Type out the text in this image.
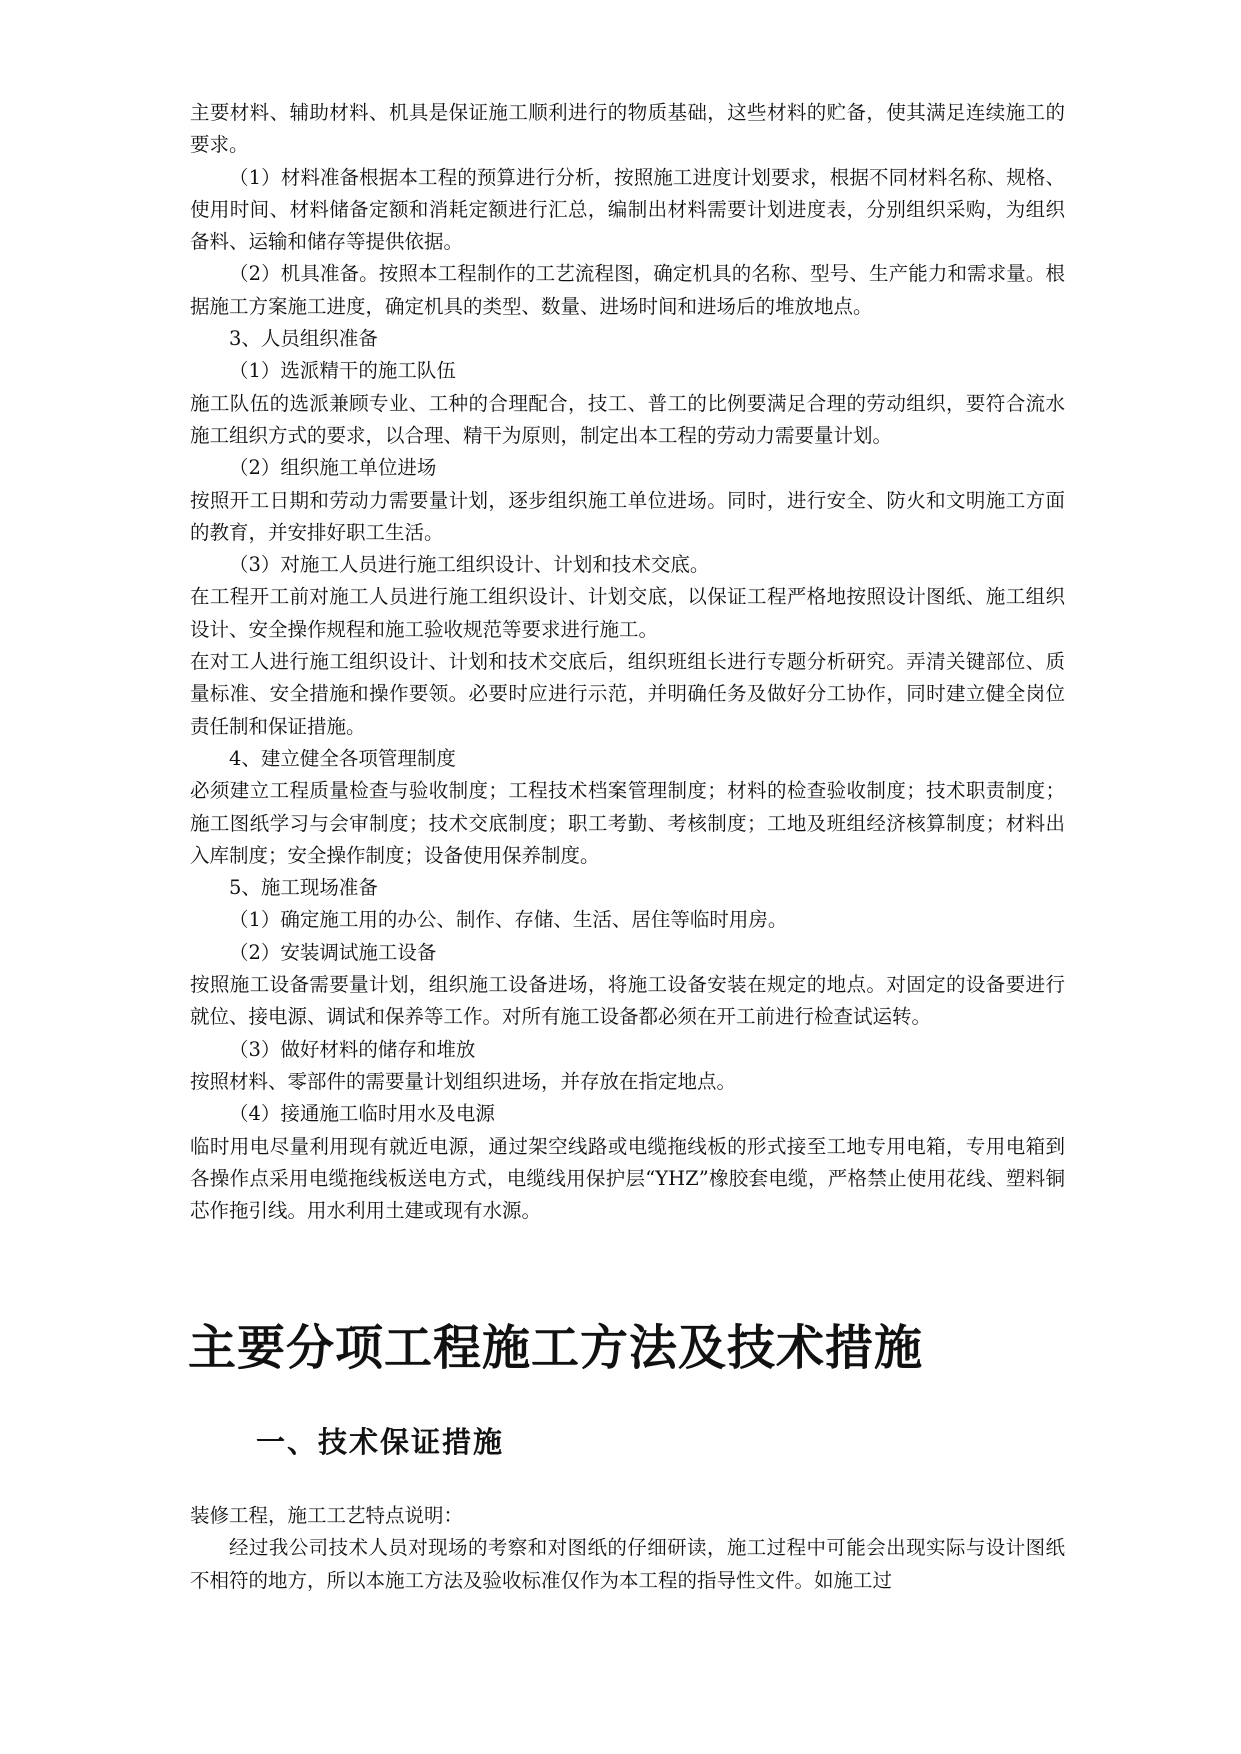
主要材料、辅助材料、机具是保证施工顺利进行的物质基础，这些材料的贮备，使其满足连续施工的要求。

（1）材料准备根据本工程的预算进行分析，按照施工进度计划要求，根据不同材料名称、规格、使用时间、材料储备定额和消耗定额进行汇总，编制出材料需要计划进度表，分别组织采购，为组织备料、运输和储存等提供依据。

（2）机具准备。按照本工程制作的工艺流程图，确定机具的名称、型号、生产能力和需求量。根据施工方案施工进度，确定机具的类型、数量、进场时间和进场后的堆放地点。

3、人员组织准备

（1）选派精干的施工队伍

施工队伍的选派兼顾专业、工种的合理配合，技工、普工的比例要满足合理的劳动组织，要符合流水施工组织方式的要求，以合理、精干为原则，制定出本工程的劳动力需要量计划。

（2）组织施工单位进场

按照开工日期和劳动力需要量计划，逐步组织施工单位进场。同时，进行安全、防火和文明施工方面的教育，并安排好职工生活。

（3）对施工人员进行施工组织设计、计划和技术交底。

在工程开工前对施工人员进行施工组织设计、计划交底，以保证工程严格地按照设计图纸、施工组织设计、安全操作规程和施工验收规范等要求进行施工。

在对工人进行施工组织设计、计划和技术交底后，组织班组长进行专题分析研究。弄清关键部位、质量标准、安全措施和操作要领。必要时应进行示范，并明确任务及做好分工协作，同时建立健全岗位责任制和保证措施。

4、建立健全各项管理制度

必须建立工程质量检查与验收制度；工程技术档案管理制度；材料的检查验收制度；技术职责制度；施工图纸学习与会审制度；技术交底制度；职工考勤、考核制度；工地及班组经济核算制度；材料出入库制度；安全操作制度；设备使用保养制度。

5、施工现场准备

（1）确定施工用的办公、制作、存储、生活、居住等临时用房。

（2）安装调试施工设备

按照施工设备需要量计划，组织施工设备进场，将施工设备安装在规定的地点。对固定的设备要进行就位、接电源、调试和保养等工作。对所有施工设备都必须在开工前进行检查试运转。

（3）做好材料的储存和堆放

按照材料、零部件的需要量计划组织进场，并存放在指定地点。

（4）接通施工临时用水及电源

临时用电尽量利用现有就近电源，通过架空线路或电缆拖线板的形式接至工地专用电箱，专用电箱到各操作点采用电缆拖线板送电方式，电缆线用保护层“YHZ”橡胶套电缆，严格禁止使用花线、塑料铜芯作拖引线。用水利用土建或现有水源。

主要分项工程施工方法及技术措施
一、技术保证措施

装修工程，施工工艺特点说明：

经过我公司技术人员对现场的考察和对图纸的仔细研读，施工过程中可能会出现实际与设计图纸不相符的地方，所以本施工方法及验收标准仅作为本工程的指导性文件。如施工过
